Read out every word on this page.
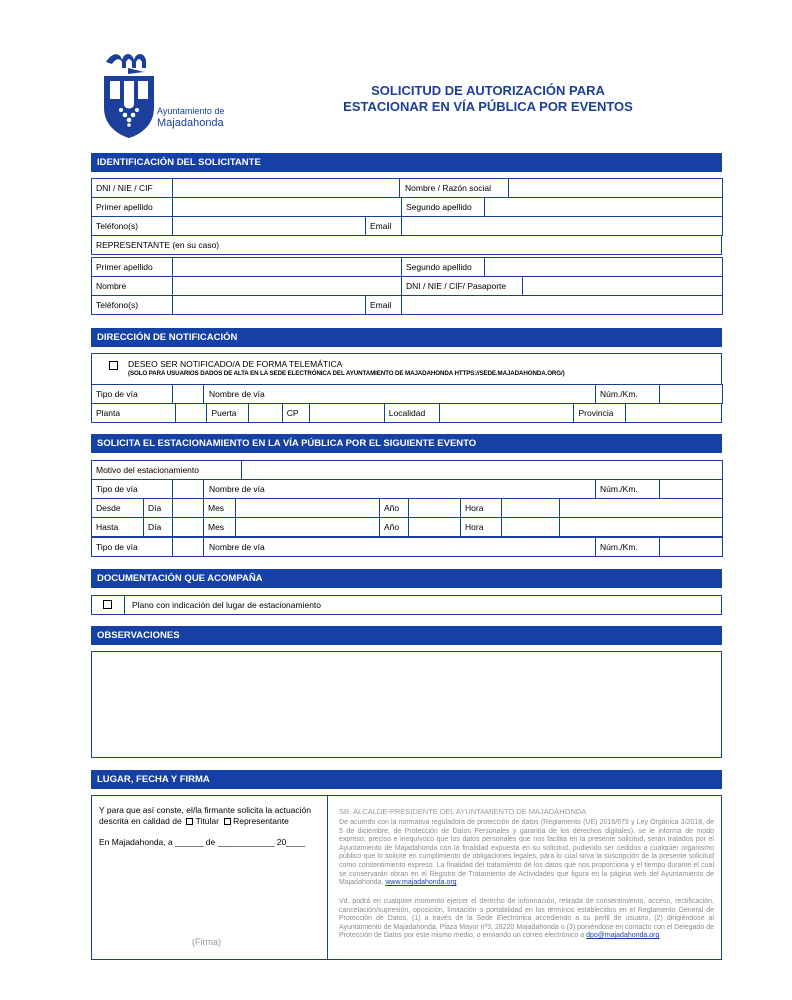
Ayuntamiento de
Majadahonda
SOLICITUD DE AUTORIZACIÓN PARA
ESTACIONAR EN VÍA PÚBLICA POR EVENTOS
IDENTIFICACIÓN DEL SOLICITANTE
DNI / NIE / CIF		Nombre / Razón social	
Primer apellido		Segundo apellido	
Teléfono(s)		Email	
REPRESENTANTE (en su caso)
Primer apellido		Segundo apellido	
Nombre		DNI / NIE / CIF/ Pasaporte	
Teléfono(s)		Email	
DIRECCIÓN DE NOTIFICACIÓN
DESEO SER NOTIFICADO/A DE FORMA TELEMÁTICA
(SOLO PARA USUARIOS DADOS DE ALTA EN LA SEDE ELECTRÓNICA DEL AYUNTAMIENTO DE MAJADAHONDA HTTPS://SEDE.MAJADAHONDA.ORG/)
Tipo de vía		Nombre de vía	Núm./Km.	
Planta		Puerta		CP		Localidad		Provincia	
SOLICITA EL ESTACIONAMIENTO EN LA VÍA PÚBLICA POR EL SIGUIENTE EVENTO
Motivo del estacionamiento	
Tipo de vía		Nombre de vía	Núm./Km.	
Desde	Día		Mes		Año		Hora		
Hasta	Día		Mes		Año		Hora		
Tipo de vía		Nombre de vía	Núm./Km.	
DOCUMENTACIÓN QUE ACOMPAÑA
Plano con indicación del lugar de estacionamiento
OBSERVACIONES
LUGAR, FECHA Y FIRMA
Y para que así conste, el/la firmante solicita la actuación
descrita en calidad de Titular Representante
En Majadahonda, a ______ de ____________ 20____
(Firma)
SR. ALCALDE-PRESIDENTE DEL AYUNTAMIENTO DE MAJADAHONDA
De acuerdo con la normativa reguladora de protección de datos (Reglamento (UE) 2016/679 y Ley Orgánica 3/2018, de 5 de diciembre, de Protección de Datos Personales y garantía de los derechos digitales), se le informa de modo expreso, preciso e inequívoco que los datos personales que nos facilita en la presente solicitud, serán tratados por el Ayuntamiento de Majadahonda con la finalidad expuesta en su solicitud, pudiendo ser cedidos a cualquier organismo público que lo solicite en cumplimiento de obligaciones legales, para lo cual sirva la suscripción de la presente solicitud como consentimiento expreso. La finalidad del tratamiento de los datos que nos proporciona y el tiempo durante el cual se conservarán obran en el Registro de Tratamiento de Actividades que figura en la página web del Ayuntamiento de Majadahonda, www.majadahonda.org.
Vd. podrá en cualquier momento ejercer el derecho de información, retirada de consentimiento, acceso, rectificación, cancelación/supresión, oposición, limitación o portabilidad en los términos establecidos en el Reglamento General de Protección de Datos, (1) a través de la Sede Electrónica accediendo a su perfil de usuario, (2) dirigiéndose al Ayuntamiento de Majadahonda, Plaza Mayor nº3, 28220 Majadahonda o (3) poniéndose en contacto con el Delegado de Protección de Datos por este mismo medio, o enviando un correo electrónico a dpo@majadahonda.org
